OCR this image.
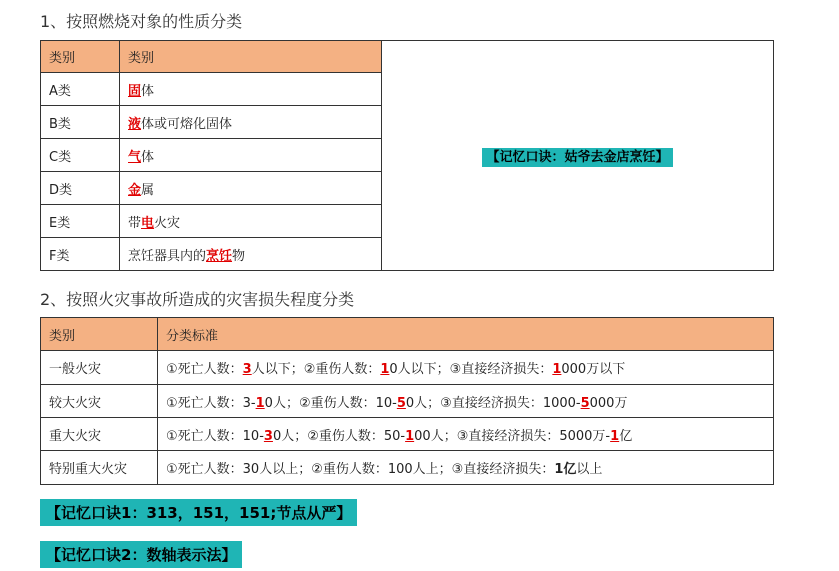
1、按照燃烧对象的性质分类
类别	类别	【记忆口诀：姑爷去金店烹饪】
A类	固体	
B类	液体或可熔化固体	
C类	气体	
D类	金属	
E类	带电火灾	
F类	烹饪器具内的烹饪物	
2、按照火灾事故所造成的灾害损失程度分类
类别	分类标准
一般火灾	①死亡人数：3人以下；②重伤人数：10人以下；③直接经济损失：1000万以下
较大火灾	①死亡人数：3-10人；②重伤人数：10-50人；③直接经济损失：1000-5000万
重大火灾	①死亡人数：10-30人；②重伤人数：50-100人；③直接经济损失：5000万-1亿
特别重大火灾	①死亡人数：30人以上；②重伤人数：100人上；③直接经济损失：1亿以上
【记忆口诀1：313，151，151;节点从严】
【记忆口诀2：数轴表示法】
